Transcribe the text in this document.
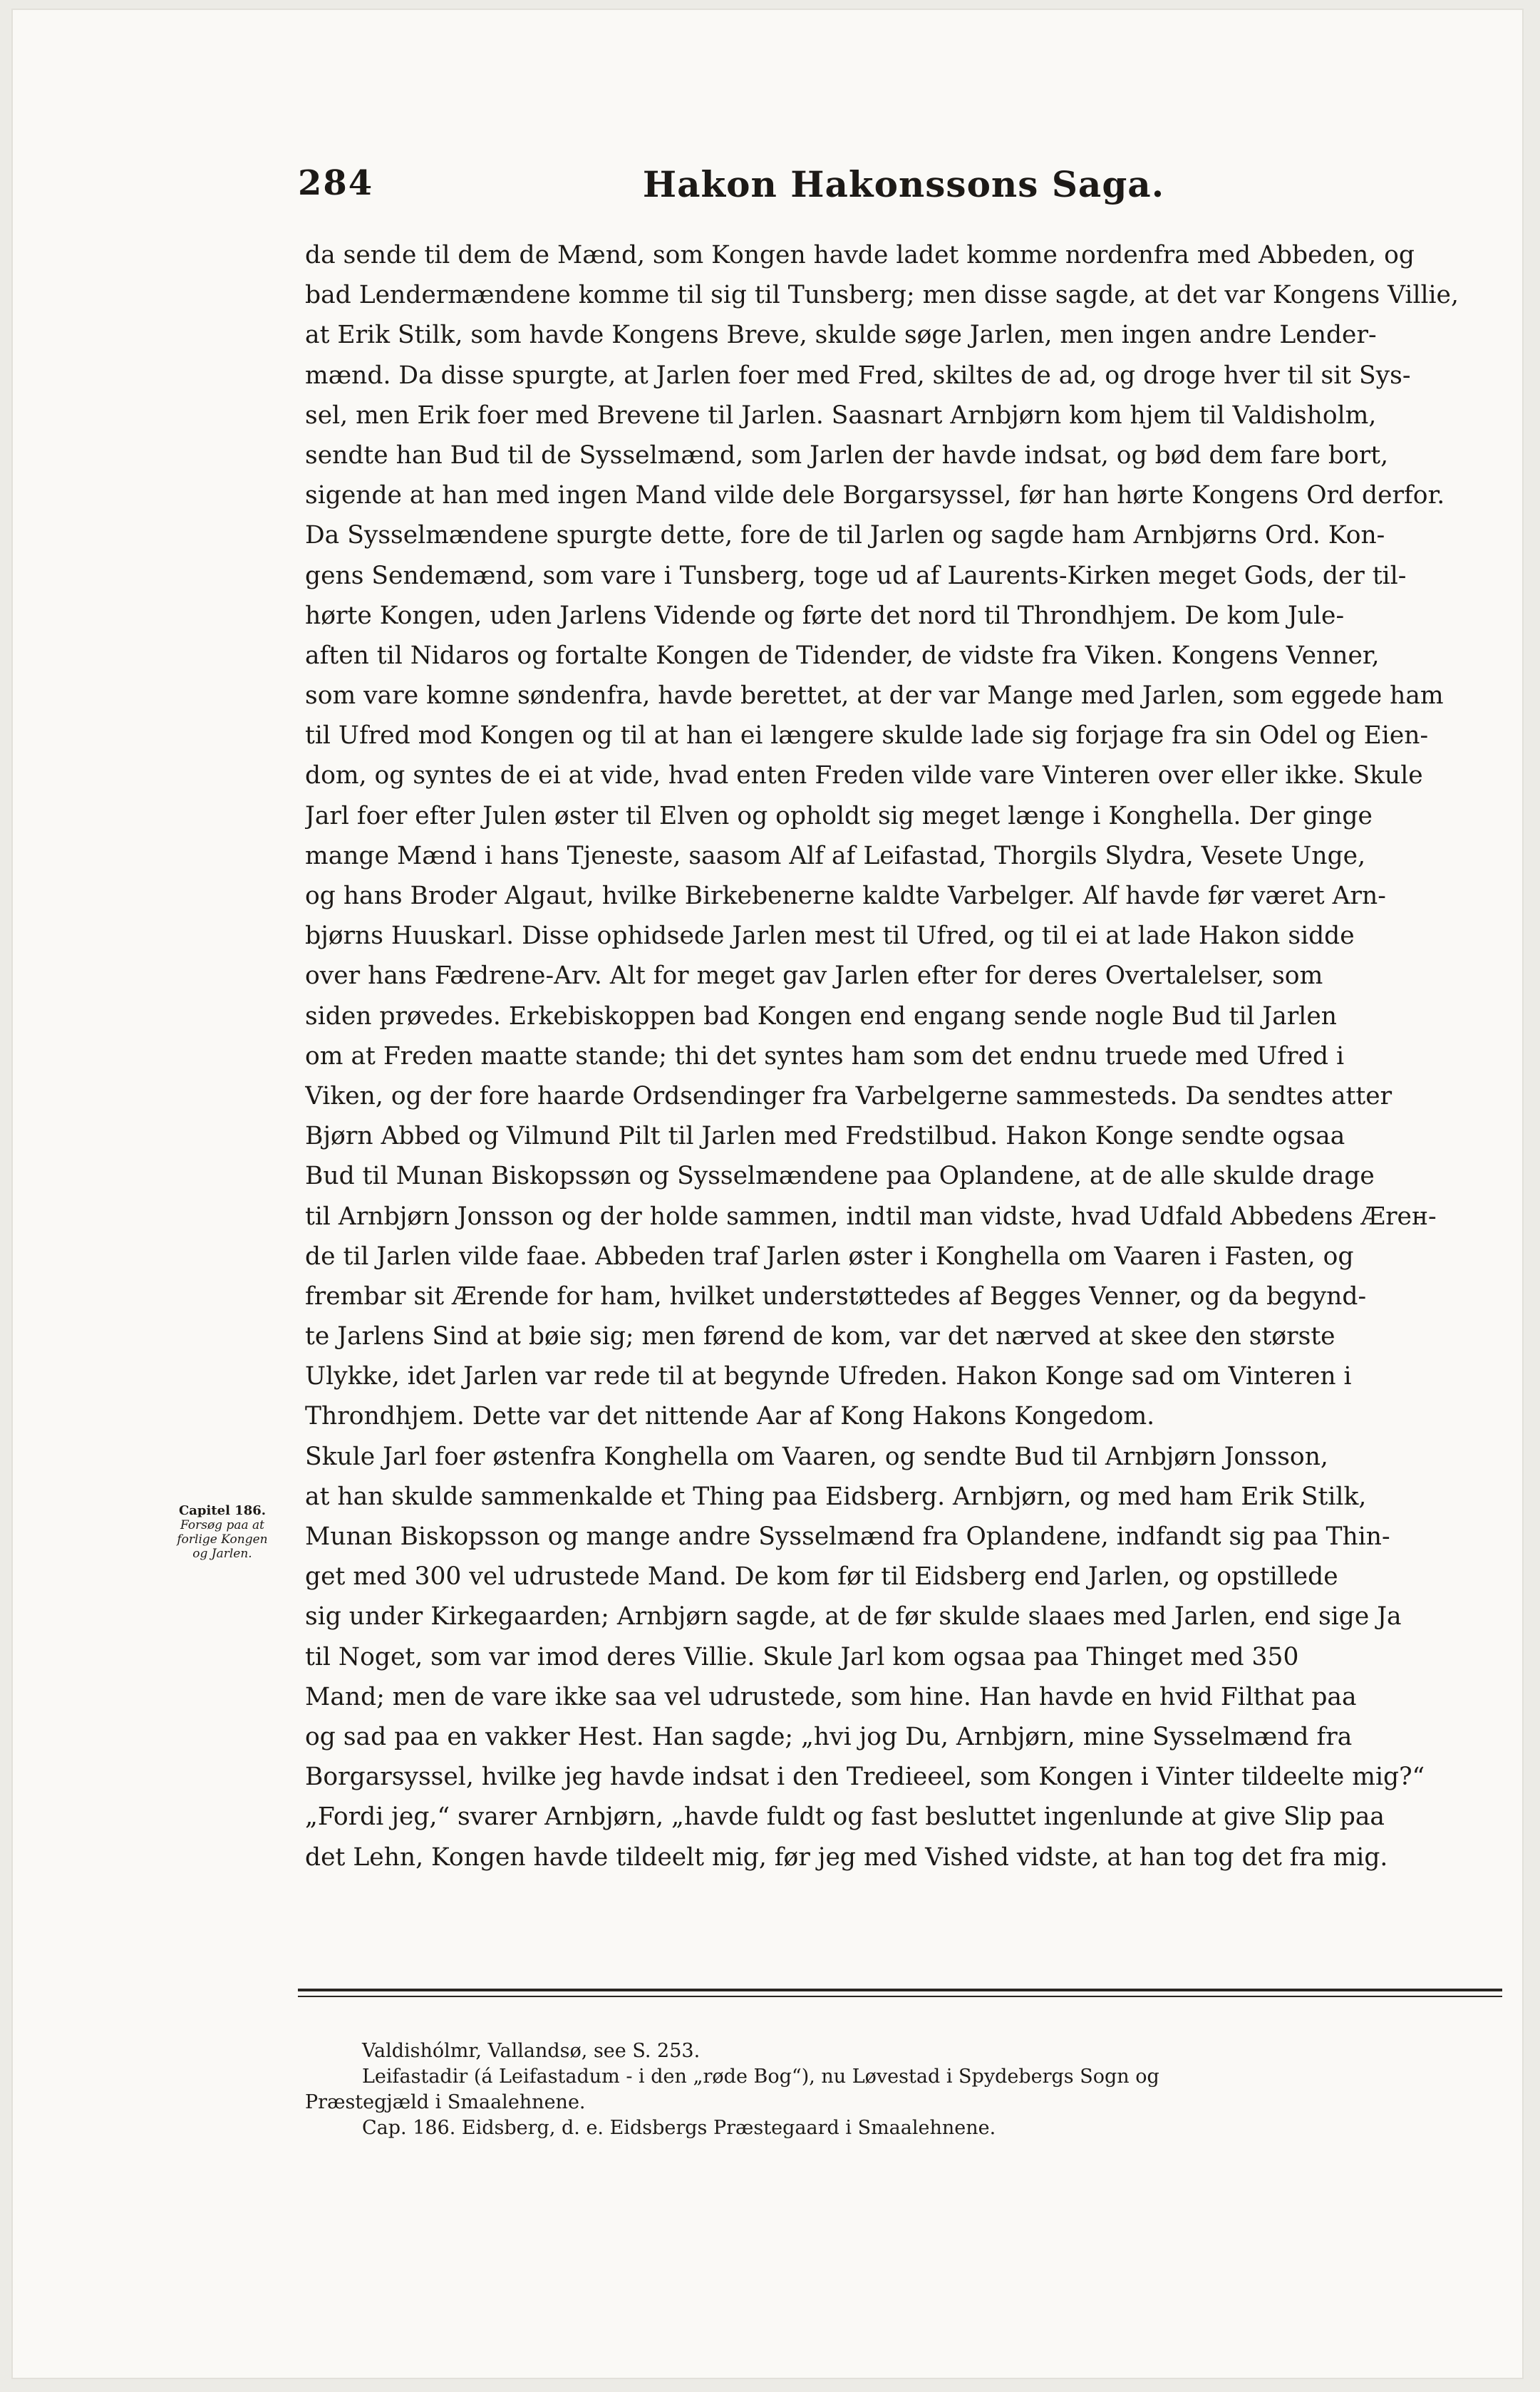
284	Hakon Hakonssons Saga.
da sende til dem de Mænd, som Kongen havde ladet komme nordenfra med Abbeden, og
bad Lendermændene komme til sig til Tunsberg; men disse sagde, at det var Kongens Villie,
at Erik Stilk, som havde Kongens Breve, skulde søge Jarlen, men ingen andre Lender-
mænd. Da disse spurgte, at Jarlen foer med Fred, skiltes de ad, og droge hver til sit Sys-
sel, men Erik foer med Brevene til Jarlen. Saasnart Arnbjørn kom hjem til Valdisholm,
sendte han Bud til de Sysselmænd, som Jarlen der havde indsat, og bød dem fare bort,
sigende at han med ingen Mand vilde dele Borgarsyssel, før han hørte Kongens Ord derfor.
Da Sysselmændene spurgte dette, fore de til Jarlen og sagde ham Arnbjørns Ord. Kon-
gens Sendemænd, som vare i Tunsberg, toge ud af Laurents-Kirken meget Gods, der til-
hørte Kongen, uden Jarlens Vidende og førte det nord til Throndhjem. De kom Jule-
aften til Nidaros og fortalte Kongen de Tidender, de vidste fra Viken. Kongens Venner,
som vare komne søndenfra, havde berettet, at der var Mange med Jarlen, som eggede ham
til Ufred mod Kongen og til at han ei længere skulde lade sig forjage fra sin Odel og Eien-
dom, og syntes de ei at vide, hvad enten Freden vilde vare Vinteren over eller ikke. Skule
Jarl foer efter Julen øster til Elven og opholdt sig meget længe i Konghella. Der ginge
mange Mænd i hans Tjeneste, saasom Alf af Leifastad, Thorgils Slydra, Vesete Unge,
og hans Broder Algaut, hvilke Birkebenerne kaldte Varbelger. Alf havde før været Arn-
bjørns Huuskarl. Disse ophidsede Jarlen mest til Ufred, og til ei at lade Hakon sidde
over hans Fædrene-Arv. Alt for meget gav Jarlen efter for deres Overtalelser, som
siden prøvedes. Erkebiskoppen bad Kongen end engang sende nogle Bud til Jarlen
om at Freden maatte stande; thi det syntes ham som det endnu truede med Ufred i
Viken, og der fore haarde Ordsendinger fra Varbelgerne sammesteds. Da sendtes atter
Bjørn Abbed og Vilmund Pilt til Jarlen med Fredstilbud. Hakon Konge sendte ogsaa
Bud til Munan Biskopssøn og Sysselmændene paa Oplandene, at de alle skulde drage
til Arnbjørn Jonsson og der holde sammen, indtil man vidste, hvad Udfald Abbedens Ærен-
de til Jarlen vilde faae. Abbeden traf Jarlen øster i Konghella om Vaaren i Fasten, og
frembar sit Ærende for ham, hvilket understøttedes af Begges Venner, og da begynd-
te Jarlens Sind at bøie sig; men førend de kom, var det nærved at skee den største
Ulykke, idet Jarlen var rede til at begynde Ufreden. Hakon Konge sad om Vinteren i
Throndhjem. Dette var det nittende Aar af Kong Hakons Kongedom.
Skule Jarl foer østenfra Konghella om Vaaren, og sendte Bud til Arnbjørn Jonsson,
at han skulde sammenkalde et Thing paa Eidsberg. Arnbjørn, og med ham Erik Stilk,
Munan Biskopsson og mange andre Sysselmænd fra Oplandene, indfandt sig paa Thin-
get med 300 vel udrustede Mand. De kom før til Eidsberg end Jarlen, og opstillede
sig under Kirkegaarden; Arnbjørn sagde, at de før skulde slaaes med Jarlen, end sige Ja
til Noget, som var imod deres Villie. Skule Jarl kom ogsaa paa Thinget med 350
Mand; men de vare ikke saa vel udrustede, som hine. Han havde en hvid Filthat paa
og sad paa en vakker Hest. Han sagde; „hvi jog Du, Arnbjørn, mine Sysselmænd fra
Borgarsyssel, hvilke jeg havde indsat i den Tredieeel, som Kongen i Vinter tildeelte mig?“
„Fordi jeg,“ svarer Arnbjørn, „havde fuldt og fast besluttet ingenlunde at give Slip paa
det Lehn, Kongen havde tildeelt mig, før jeg med Vished vidste, at han tog det fra mig.
Capitel 186.
Forsøg paa at
forlige Kongen
og Jarlen.
Valdishólmr, Vallandsø, see S. 253.
Leifastadir (á Leifastadum - i den „røde Bog“), nu Løvestad i Spydebergs Sogn og
Præstegjæld i Smaalehnene.
Cap. 186. Eidsberg, d. e. Eidsbergs Præstegaard i Smaalehnene.
